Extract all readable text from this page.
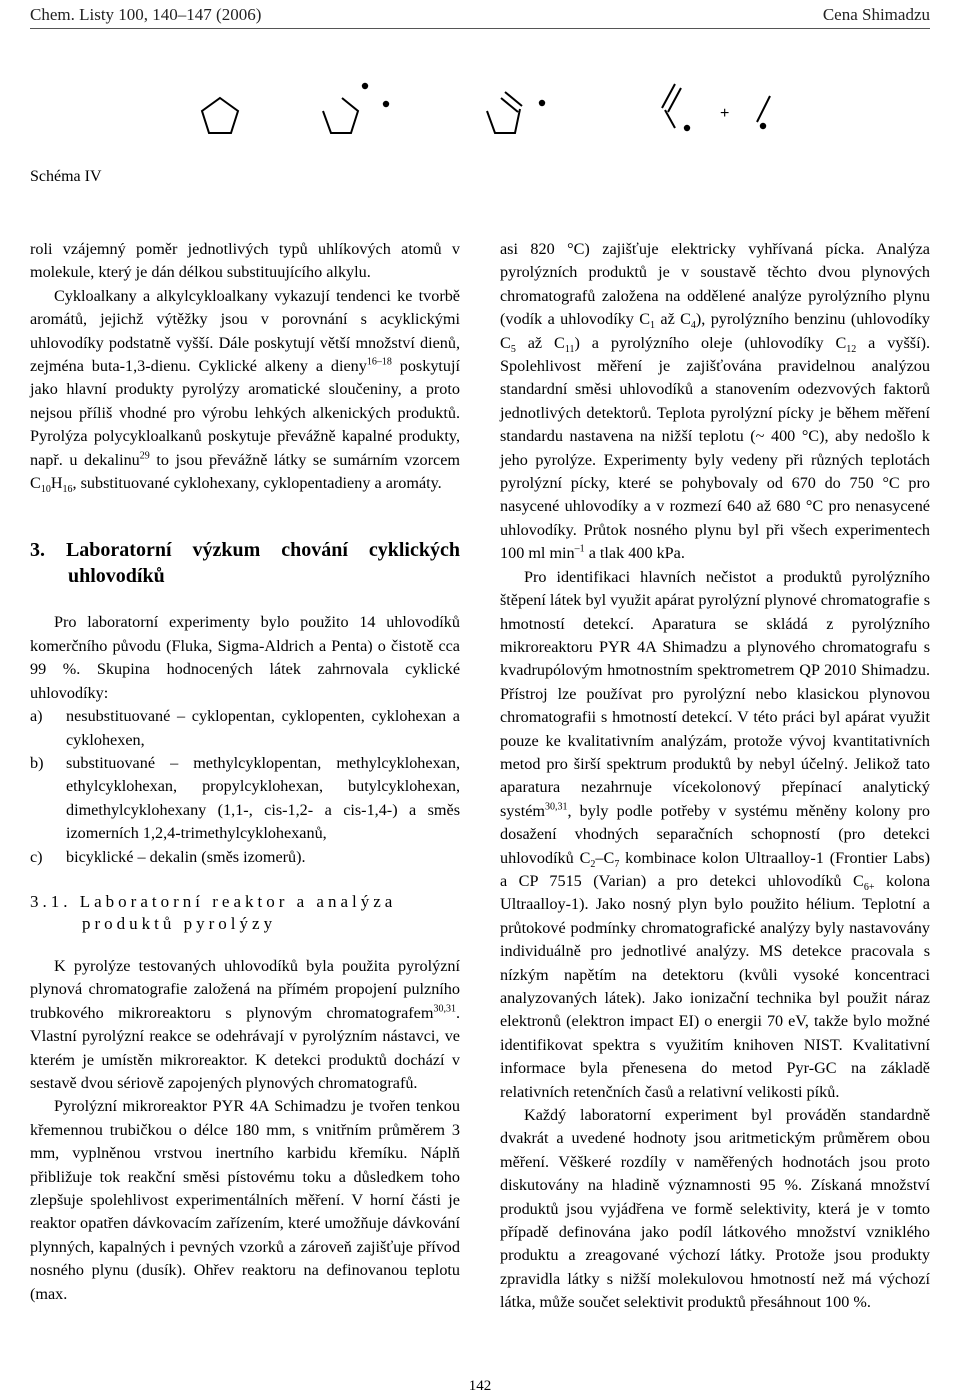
Chem. Listy 100, 140–147 (2006)	Cena Shimadzu
+
Schéma IV

roli vzájemný poměr jednotlivých typů uhlíkových atomů v molekule, který je dán délkou substituujícího alkylu.

Cykloalkany a alkylcykloalkany vykazují tendenci ke tvorbě aromátů, jejichž výtěžky jsou v porovnání s acyklickými uhlovodíky podstatně vyšší. Dále poskytují větší množství dienů, zejména buta-1,3-dienu. Cyklické alkeny a dieny$^{16-18}$ poskytují jako hlavní produkty pyrolýzy aromatické sloučeniny, a proto nejsou příliš vhodné pro výrobu lehkých alkenických produktů. Pyrolýza polycykloalkanů poskytuje převážně kapalné produkty, např. u dekalinu$^{29}$ to jsou převážně látky se sumárním vzorcem $C_{10}H_{16}$, substituované cyklohexany, cyklopentadieny a aromáty.

3. Laboratorní výzkum chování cyklických uhlovodíků

Pro laboratorní experimenty bylo použito 14 uhlovodíků komerčního původu (Fluka, Sigma-Aldrich a Penta) o čistotě cca 99 %. Skupina hodnocených látek zahrnovala cyklické uhlovodíky:

a) nesubstituované – cyklopentan, cyklopenten, cyklohexan a cyklohexen,
b) substituované – methylcyklopentan, methylcyklohexan, ethylcyklohexan, propylcyklohexan, butylcyklohexan, dimethylcyklohexany (1,1-, cis-1,2- a cis-1,4-) a směs izomerních 1,2,4-trimethylcyklohexanů,
c) bicyklické – dekalin (směs izomerů).
3.1. Laboratorní reaktor a analýza
produktů pyrolýzy

K pyrolýze testovaných uhlovodíků byla použita pyrolýzní plynová chromatografie založená na přímém propojení pulzního trubkového mikroreaktoru s plynovým chromatografem$^{30,31}$. Vlastní pyrolýzní reakce se odehrávají v pyrolýzním nástavci, ve kterém je umístěn mikroreaktor. K detekci produktů dochází v sestavě dvou sériově zapojených plynových chromatografů.

Pyrolýzní mikroreaktor PYR 4A Schimadzu je tvořen tenkou křemennou trubičkou o délce 180 mm, s vnitřním průměrem 3 mm, vyplněnou vrstvou inertního karbidu křemíku. Náplň přibližuje tok reakční směsi pístovému toku a důsledkem toho zlepšuje spolehlivost experimentálních měření. V horní části je reaktor opatřen dávkovacím zařízením, které umožňuje dávkování plynných, kapalných i pevných vzorků a zároveň zajišťuje přívod nosného plynu (dusík). Ohřev reaktoru na definovanou teplotu (max.

asi 820 °C) zajišťuje elektricky vyhřívaná pícka. Analýza pyrolýzních produktů je v soustavě těchto dvou plynových chromatografů založena na oddělené analýze pyrolýzního plynu (vodík a uhlovodíky $C_1$ až $C_4$), pyrolýzního benzinu (uhlovodíky $C_5$ až $C_{11}$) a pyrolýzního oleje (uhlovodíky $C_{12}$ a vyšší). Spolehlivost měření je zajišťována pravidelnou analýzou standardní směsi uhlovodíků a stanovením odezvových faktorů jednotlivých detektorů. Teplota pyrolýzní pícky je během měření standardu nastavena na nižší teplotu (~ 400 °C), aby nedošlo k jeho pyrolýze. Experimenty byly vedeny při různých teplotách pyrolýzní pícky, které se pohybovaly od 670 do 750 °C pro nasycené uhlovodíky a v rozmezí 640 až 680 °C pro nenasycené uhlovodíky. Průtok nosného plynu byl při všech experimentech 100 ml $\min^{-1} a$ tlak 400 kPa.

Pro identifikaci hlavních nečistot a produktů pyrolýzního štěpení látek byl využit apárat pyrolýzní plynové chromatografie s hmotností detekcí. Aparatura se skládá z pyrolýzního mikroreaktoru PYR 4A Shimadzu a plynového chromatografu s kvadrupólovým hmotnostním spektrometrem QP 2010 Shimadzu. Přístroj lze používat pro pyrolýzní nebo klasickou plynovou chromatografii s hmotností detekcí. V této práci byl apárat využit pouze ke kvalitativním analýzám, protože vývoj kvantitativních metod pro širší spektrum produktů by nebyl účelný. Jelikož tato aparatura nezahrnuje vícekolonový přepínací analytický systém$^{30,31}$, byly podle potřeby v systému měněny kolony pro dosažení vhodných separačních schopností (pro detekci uhlovodíků $C_2-C_7$ kombinace kolon Ultraalloy-1 (Frontier Labs) a CP 7515 (Varian) a pro detekci uhlovodíků $C_{6+}$ kolona Ultraalloy-1). Jako nosný plyn bylo použito hélium. Teplotní a průtokové podmínky chromatografické analýzy byly nastavovány individuálně pro jednotlivé analýzy. MS detekce pracovala s nízkým napětím na detektoru (kvůli vysoké koncentraci analyzovaných látek). Jako ionizační technika byl použit náraz elektronů (elektron impact EI) o energii 70 eV, takže bylo možné identifikovat spektra s využitím knihoven NIST. Kvalitativní informace byla přenesena do metod Pyr-GC na základě relativních retenčních časů a relativní velikosti píků.

Každý laboratorní experiment byl prováděn standardně dvakrát a uvedené hodnoty jsou aritmetickým průměrem obou měření. Věškeré rozdíly v naměřených hodnotách jsou proto diskutovány na hladině významnosti 95 %. Získaná množství produktů jsou vyjádřena ve formě selektivity, která je v tomto případě definována jako podíl látkového množství vzniklého produktu a zreagované výchozí látky. Protože jsou produkty zpravidla látky s nižší molekulovou hmotností než má výchozí látka, může součet selektivit produktů přesáhnout 100 %.

142
